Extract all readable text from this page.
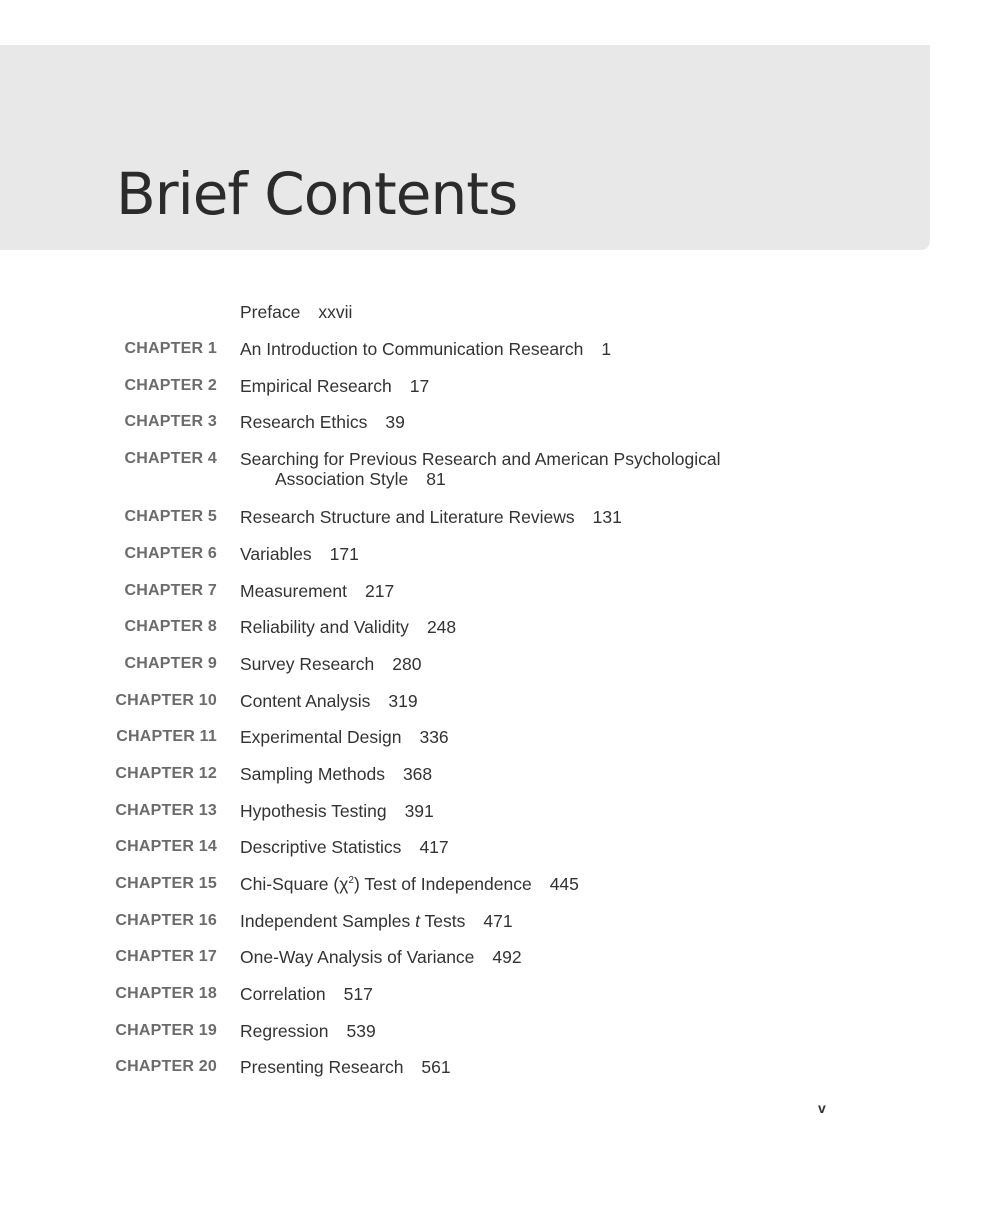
Brief Contents
Preface xxvii
CHAPTER 1 An Introduction to Communication Research 1
CHAPTER 2 Empirical Research 17
CHAPTER 3 Research Ethics 39
CHAPTER 4 Searching for Previous Research and American Psychological
Association Style 81
CHAPTER 5 Research Structure and Literature Reviews 131
CHAPTER 6 Variables 171
CHAPTER 7 Measurement 217
CHAPTER 8 Reliability and Validity 248
CHAPTER 9 Survey Research 280
CHAPTER 10 Content Analysis 319
CHAPTER 11 Experimental Design 336
CHAPTER 12 Sampling Methods 368
CHAPTER 13 Hypothesis Testing 391
CHAPTER 14 Descriptive Statistics 417
CHAPTER 15 Chi-Square $(\chi^2)$ Test of Independence 445
CHAPTER 16 Independent Samples t Tests 471
CHAPTER 17 One-Way Analysis of Variance 492
CHAPTER 18 Correlation 517
CHAPTER 19 Regression 539
CHAPTER 20 Presenting Research 561
v
